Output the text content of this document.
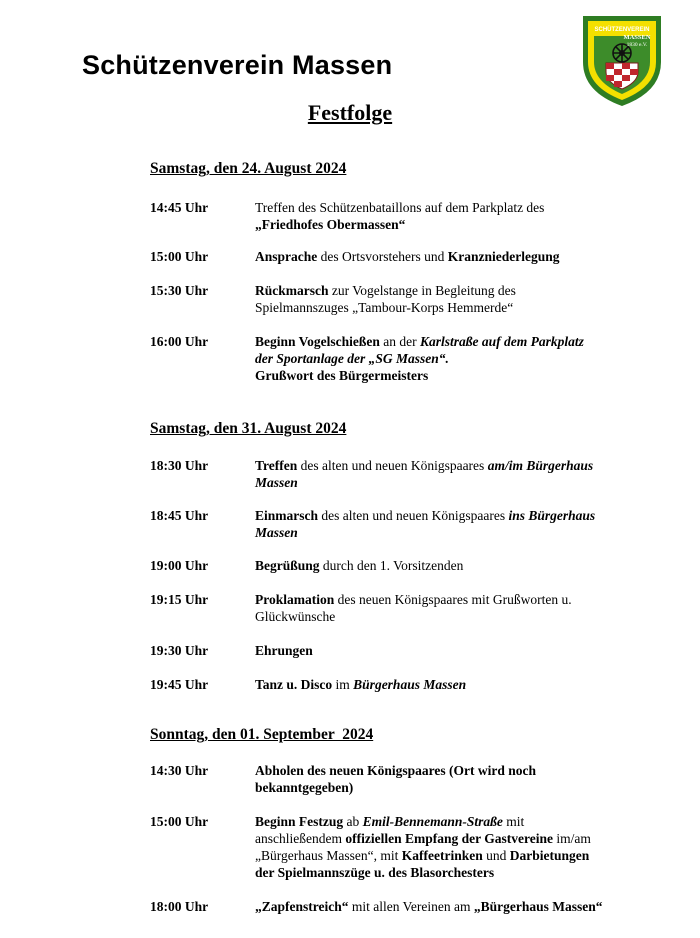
Schützenverein Massen
SCHÜTZENVEREIN
MASSEN
1830 e.V.
Festfolge
Samstag, den 24. August 2024
14:45 Uhr	Treffen des Schützenbataillons auf dem Parkplatz des
„Friedhofes Obermassen“
15:00 Uhr	Ansprache des Ortsvorstehers und Kranzniederlegung
15:30 Uhr	Rückmarsch zur Vogelstange in Begleitung des
Spielmannszuges „Tambour-Korps Hemmerde“
16:00 Uhr	Beginn Vogelschießen an der Karlstraße auf dem Parkplatz
der Sportanlage der „SG Massen“.
Grußwort des Bürgermeisters
Samstag, den 31. August 2024
18:30 Uhr	Treffen des alten und neuen Königspaares am/im Bürgerhaus
Massen
18:45 Uhr	Einmarsch des alten und neuen Königspaares ins Bürgerhaus
Massen
19:00 Uhr	Begrüßung durch den 1. Vorsitzenden
19:15 Uhr	Proklamation des neuen Königspaares mit Grußworten u.
Glückwünsche
19:30 Uhr	Ehrungen
19:45 Uhr	Tanz u. Disco im Bürgerhaus Massen
Sonntag, den 01. September  2024
14:30 Uhr	Abholen des neuen Königspaares (Ort wird noch
bekanntgegeben)
15:00 Uhr	Beginn Festzug ab Emil-Bennemann-Straße mit
anschließendem offiziellen Empfang der Gastvereine im/am
„Bürgerhaus Massen“, mit Kaffeetrinken und Darbietungen
der Spielmannszüge u. des Blasorchesters
18:00 Uhr	„Zapfenstreich“ mit allen Vereinen am „Bürgerhaus Massen“
